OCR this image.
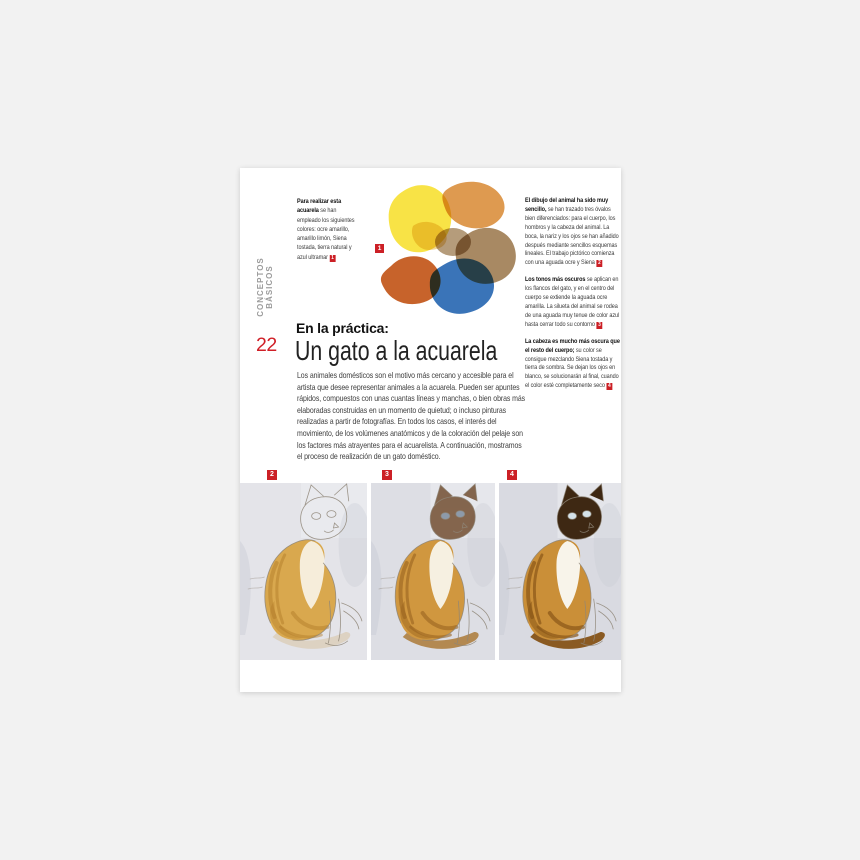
CONCEPTOS BÁSICOS
22
En la práctica:
Un gato a la acuarela
Los animales domésticos son el motivo más cercano y accesible para el artista que desee representar animales a la acuarela. Pueden ser apuntes rápidos, compuestos con unas cuantas líneas y manchas, o bien obras más elaboradas construidas en un momento de quietud; o incluso pinturas realizadas a partir de fotografías. En todos los casos, el interés del movimiento, de los volúmenes anatómicos y de la coloración del pelaje son los factores más atrayentes para el acuarelista. A continuación, mostramos el proceso de realización de un gato doméstico.

Para realizar esta acuarela se han empleado los siguientes colores: ocre amarillo, amarillo limón, Siena tostada, tierra natural y azul ultramar 1

El dibujo del animal ha sido muy sencillo, se han trazado tres óvalos bien diferenciados: para el cuerpo, los hombros y la cabeza del animal. La boca, la nariz y los ojos se han añadido después mediante sencillos esquemas lineales. El trabajo pictórico comienza con una aguada ocre y Siena 2

Los tonos más oscuros se aplican en los flancos del gato, y en el centro del cuerpo se extiende la aguada ocre amarilla. La silueta del animal se rodea de una aguada muy tenue de color azul hasta cerrar todo su contorno 3

La cabeza es mucho más oscura que el resto del cuerpo; su color se consigue mezclando Siena tostada y tierra de sombra. Se dejan los ojos en blanco, se solucionarán al final, cuando el color esté completamente seco 4

1
2	3	4
